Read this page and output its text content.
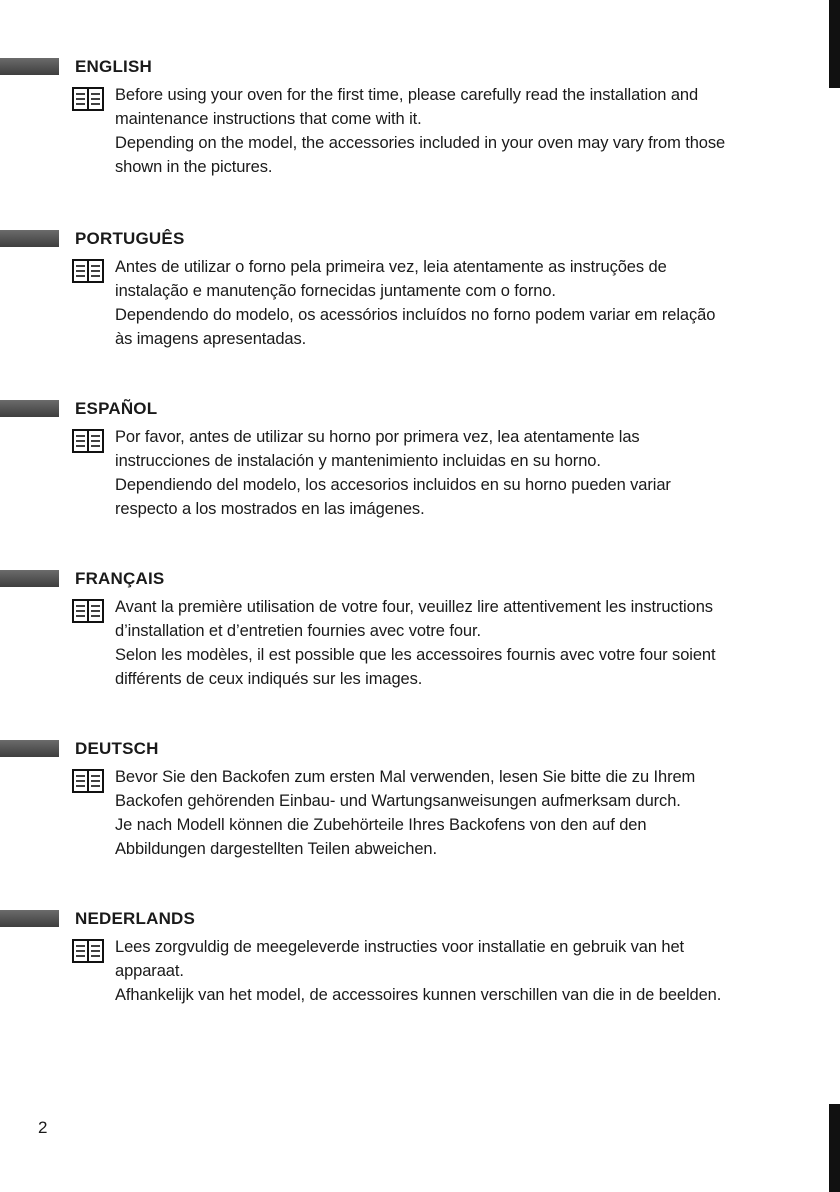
ENGLISH

Before using your oven for the first time, please carefully read the installation and

maintenance instructions that come with it.

Depending on the model, the accessories included in your oven may vary from those

shown in the pictures.

PORTUGUÊS

Antes de utilizar o forno pela primeira vez, leia atentamente as instruções de

instalação e manutenção fornecidas juntamente com o forno.

Dependendo do modelo, os acessórios incluídos no forno podem variar em relação

às imagens apresentadas.

ESPAÑOL

Por favor, antes de utilizar su horno por primera vez, lea atentamente las

instrucciones de instalación y mantenimiento incluidas en su horno.

Dependiendo del modelo, los accesorios incluidos en su horno pueden variar

respecto a los mostrados en las imágenes.

FRANÇAIS

Avant la première utilisation de votre four, veuillez lire attentivement les instructions

d’installation et d’entretien fournies avec votre four.

Selon les modèles, il est possible que les accessoires fournis avec votre four soient

différents de ceux indiqués sur les images.

DEUTSCH

Bevor Sie den Backofen zum ersten Mal verwenden, lesen Sie bitte die zu Ihrem

Backofen gehörenden Einbau- und Wartungsanweisungen aufmerksam durch.

Je nach Modell können die Zubehörteile Ihres Backofens von den auf den

Abbildungen dargestellten Teilen abweichen.

NEDERLANDS

Lees zorgvuldig de meegeleverde instructies voor installatie en gebruik van het

apparaat.

Afhankelijk van het model, de accessoires kunnen verschillen van die in de beelden.

2
